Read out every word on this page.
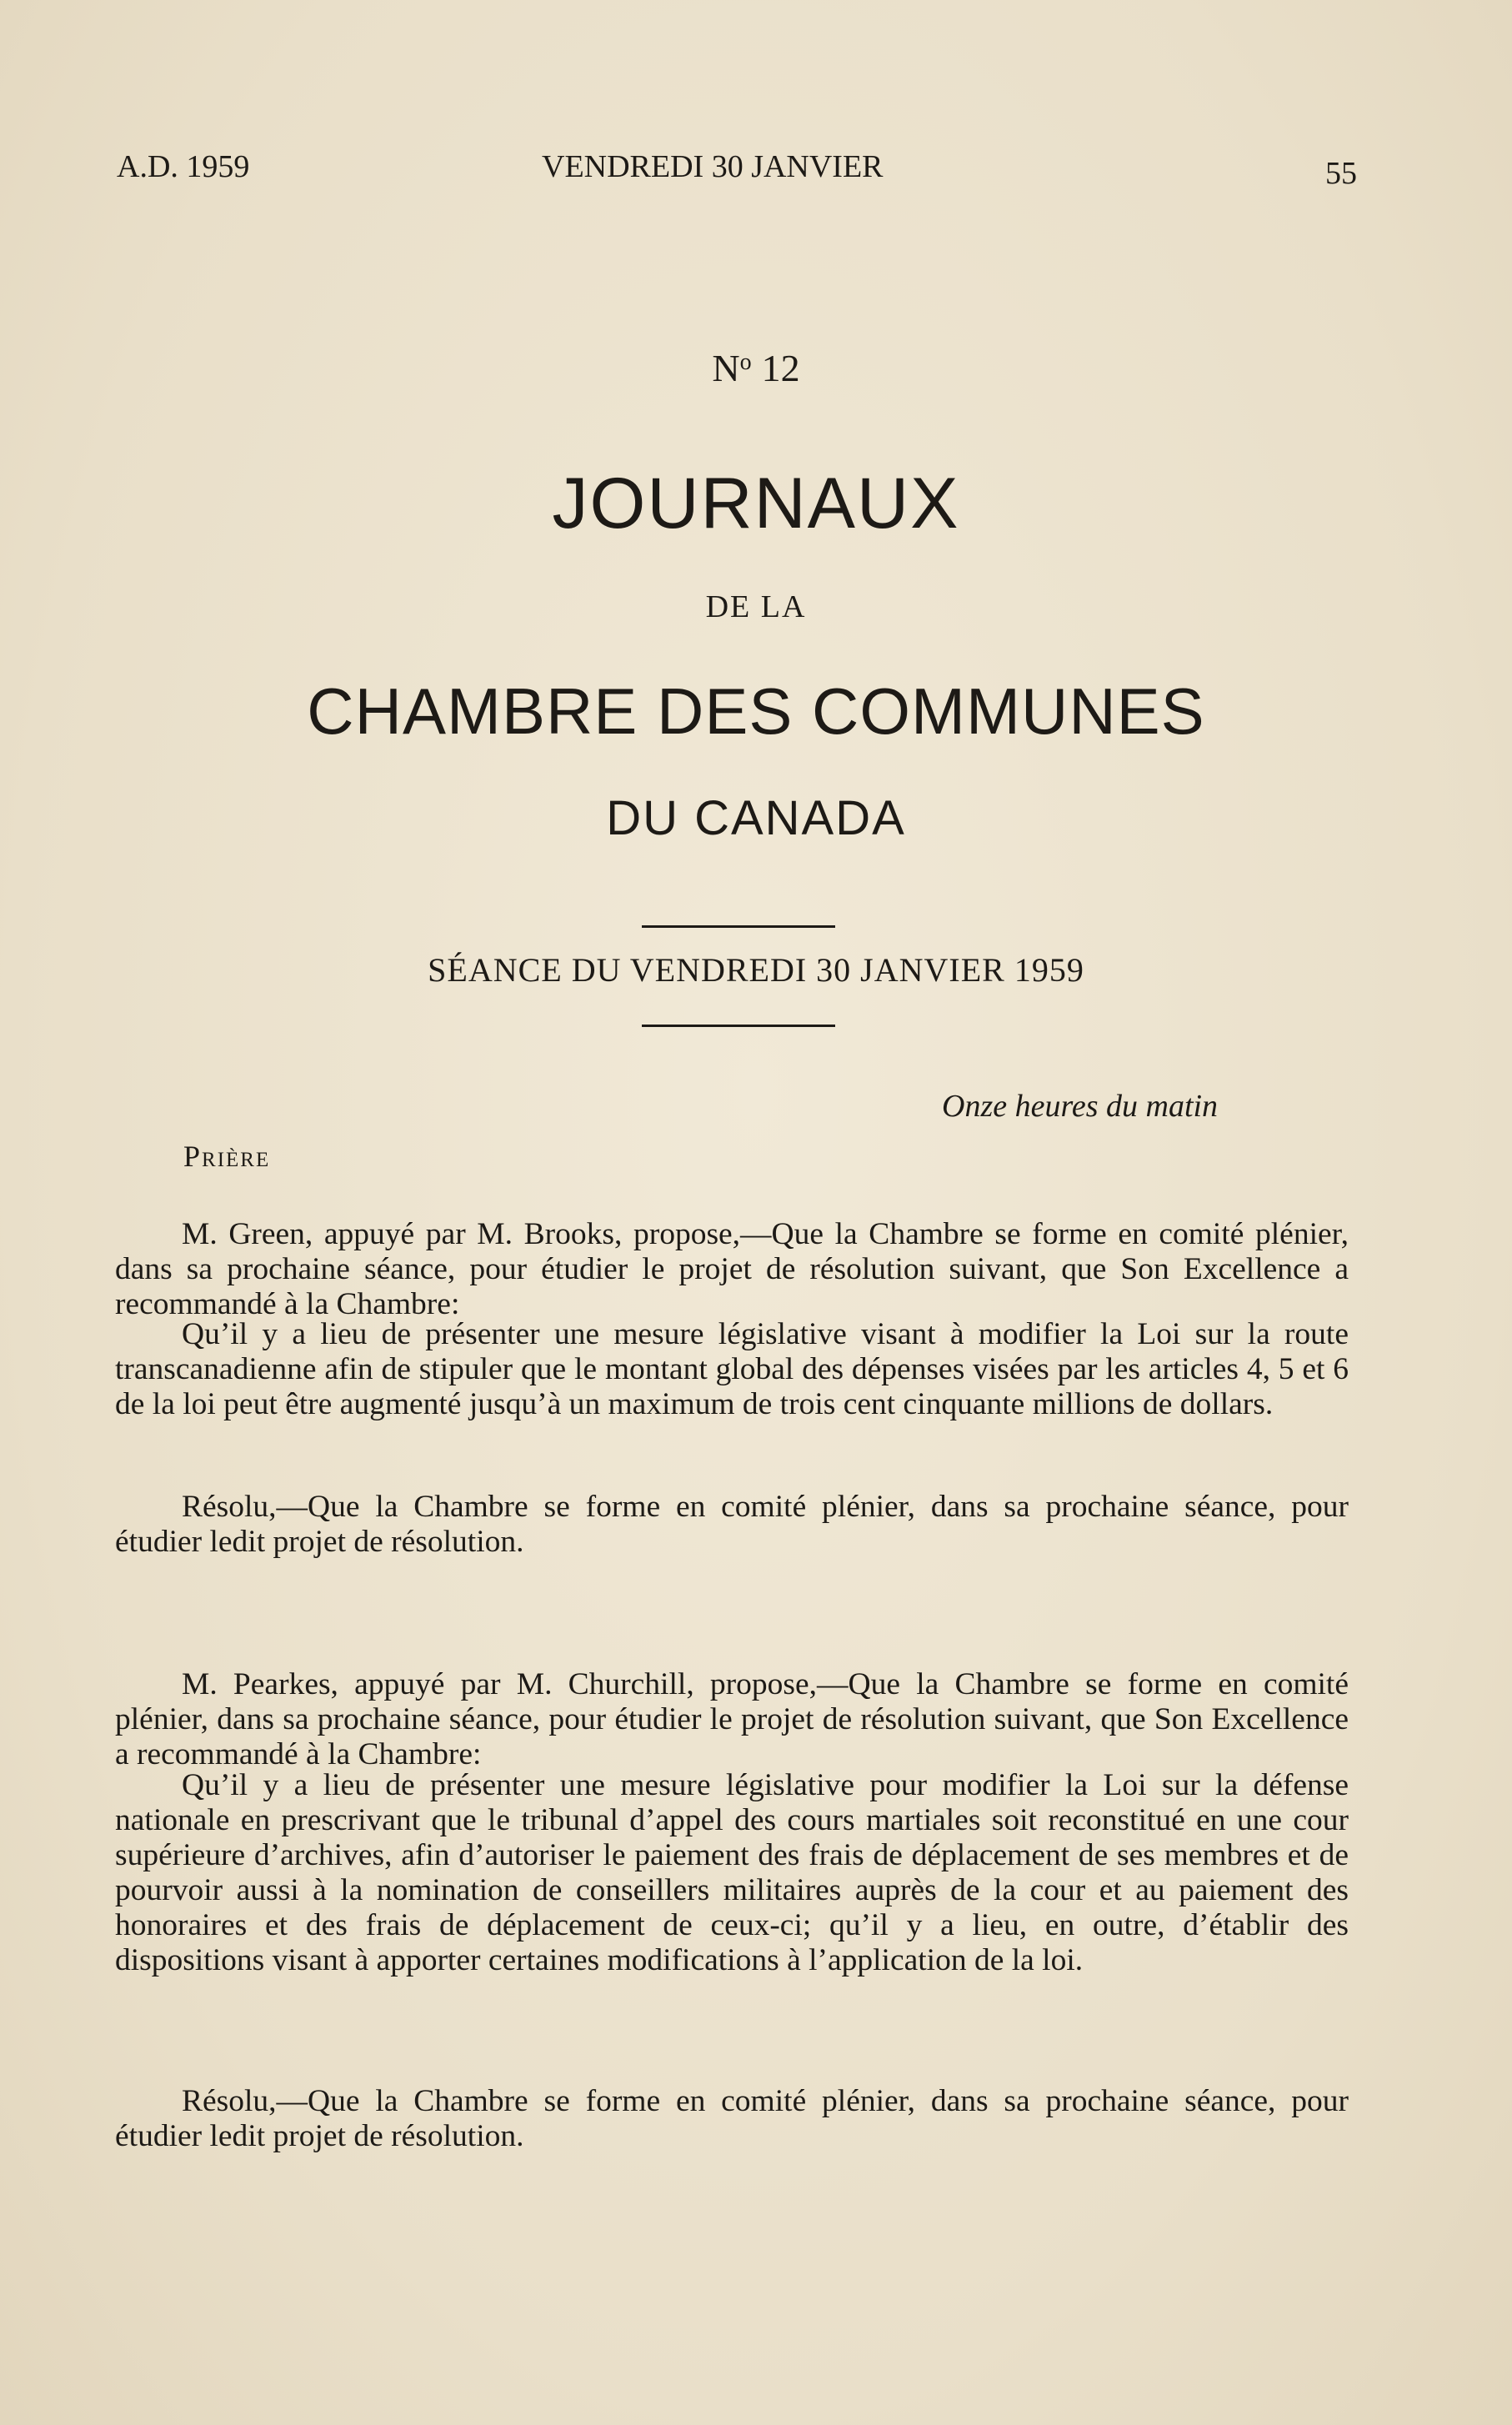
A.D. 1959	VENDREDI 30 JANVIER	55
$N^o$ 12
JOURNAUX
DE LA
CHAMBRE DES COMMUNES
DU CANADA
SÉANCE DU VENDREDI 30 JANVIER 1959
Onze heures du matin
Prière

M. Green, appuyé par M. Brooks, propose,—Que la Chambre se forme en comité plénier, dans sa prochaine séance, pour étudier le projet de résolution suivant, que Son Excellence a recommandé à la Chambre:

Qu’il y a lieu de présenter une mesure législative visant à modifier la Loi sur la route transcanadienne afin de stipuler que le montant global des dépenses visées par les articles 4, 5 et 6 de la loi peut être augmenté jusqu’à un maximum de trois cent cinquante millions de dollars.

Résolu,—Que la Chambre se forme en comité plénier, dans sa prochaine séance, pour étudier ledit projet de résolution.

M. Pearkes, appuyé par M. Churchill, propose,—Que la Chambre se forme en comité plénier, dans sa prochaine séance, pour étudier le projet de résolution suivant, que Son Excellence a recommandé à la Chambre:

Qu’il y a lieu de présenter une mesure législative pour modifier la Loi sur la défense nationale en prescrivant que le tribunal d’appel des cours martiales soit reconstitué en une cour supérieure d’archives, afin d’autoriser le paiement des frais de déplacement de ses membres et de pourvoir aussi à la nomination de conseillers militaires auprès de la cour et au paiement des honoraires et des frais de déplacement de ceux-ci; qu’il y a lieu, en outre, d’établir des dispositions visant à apporter certaines modifications à l’application de la loi.

Résolu,—Que la Chambre se forme en comité plénier, dans sa prochaine séance, pour étudier ledit projet de résolution.
